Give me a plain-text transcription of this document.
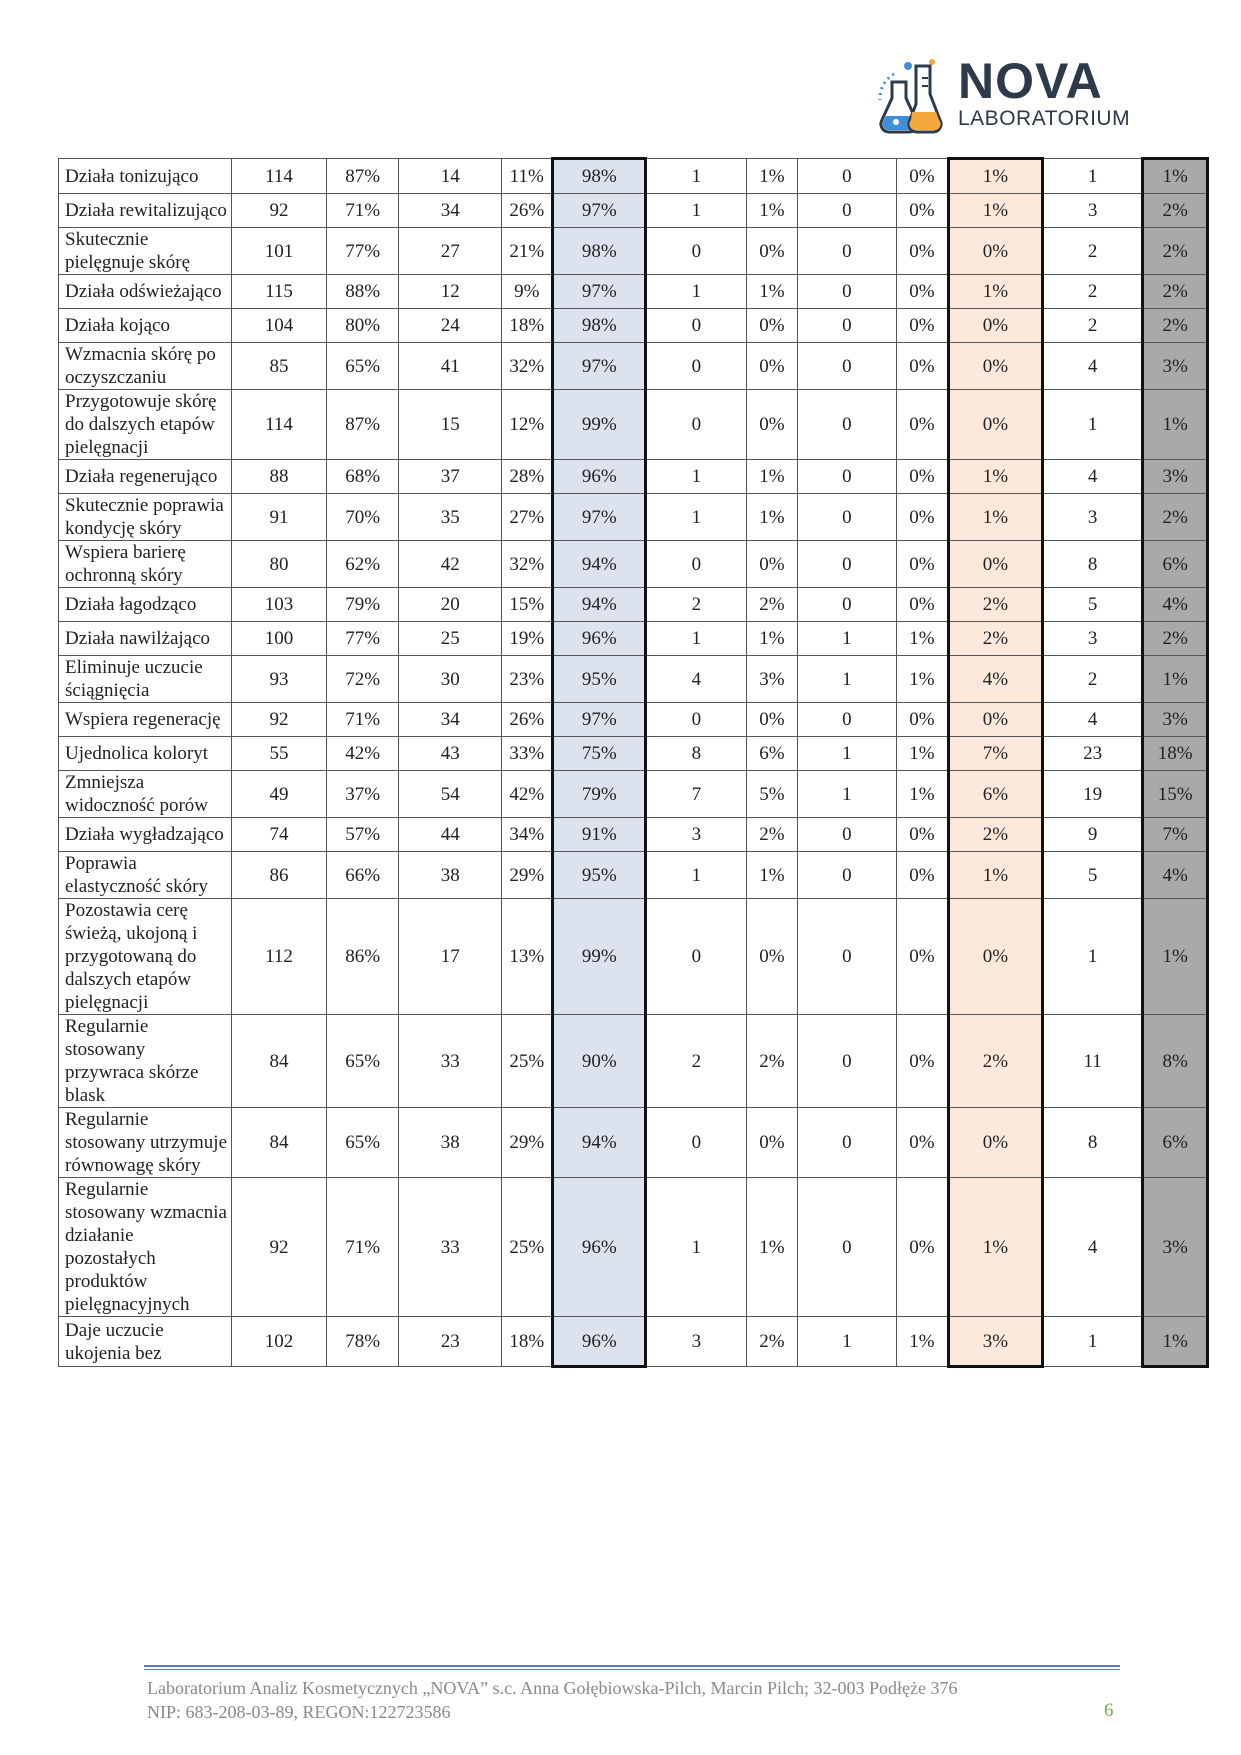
NOVA
LABORATORIUM
Działa tonizująco	114	87%	14	11%	98%	1	1%	0	0%	1%	1	1%
Działa rewitalizująco	92	71%	34	26%	97%	1	1%	0	0%	1%	3	2%
Skutecznie pielęgnuje skórę	101	77%	27	21%	98%	0	0%	0	0%	0%	2	2%
Działa odświeżająco	115	88%	12	9%	97%	1	1%	0	0%	1%	2	2%
Działa kojąco	104	80%	24	18%	98%	0	0%	0	0%	0%	2	2%
Wzmacnia skórę po oczyszczaniu	85	65%	41	32%	97%	0	0%	0	0%	0%	4	3%
Przygotowuje skórę do dalszych etapów pielęgnacji	114	87%	15	12%	99%	0	0%	0	0%	0%	1	1%
Działa regenerująco	88	68%	37	28%	96%	1	1%	0	0%	1%	4	3%
Skutecznie poprawia kondycję skóry	91	70%	35	27%	97%	1	1%	0	0%	1%	3	2%
Wspiera barierę ochronną skóry	80	62%	42	32%	94%	0	0%	0	0%	0%	8	6%
Działa łagodząco	103	79%	20	15%	94%	2	2%	0	0%	2%	5	4%
Działa nawilżająco	100	77%	25	19%	96%	1	1%	1	1%	2%	3	2%
Eliminuje uczucie ściągnięcia	93	72%	30	23%	95%	4	3%	1	1%	4%	2	1%
Wspiera regenerację	92	71%	34	26%	97%	0	0%	0	0%	0%	4	3%
Ujednolica koloryt	55	42%	43	33%	75%	8	6%	1	1%	7%	23	18%
Zmniejsza widoczność porów	49	37%	54	42%	79%	7	5%	1	1%	6%	19	15%
Działa wygładzająco	74	57%	44	34%	91%	3	2%	0	0%	2%	9	7%
Poprawia elastyczność skóry	86	66%	38	29%	95%	1	1%	0	0%	1%	5	4%
Pozostawia cerę świeżą, ukojoną i przygotowaną do dalszych etapów pielęgnacji	112	86%	17	13%	99%	0	0%	0	0%	0%	1	1%
Regularnie stosowany przywraca skórze blask	84	65%	33	25%	90%	2	2%	0	0%	2%	11	8%
Regularnie stosowany utrzymuje równowagę skóry	84	65%	38	29%	94%	0	0%	0	0%	0%	8	6%
Regularnie stosowany wzmacnia działanie pozostałych produktów pielęgnacyjnych	92	71%	33	25%	96%	1	1%	0	0%	1%	4	3%
Daje uczucie ukojenia bez	102	78%	23	18%	96%	3	2%	1	1%	3%	1	1%
Laboratorium Analiz Kosmetycznych „NOVA” s.c. Anna Gołębiowska-Pilch, Marcin Pilch; 32-003 Podłęże 376
NIP: 683-208-03-89, REGON:122723586	6
